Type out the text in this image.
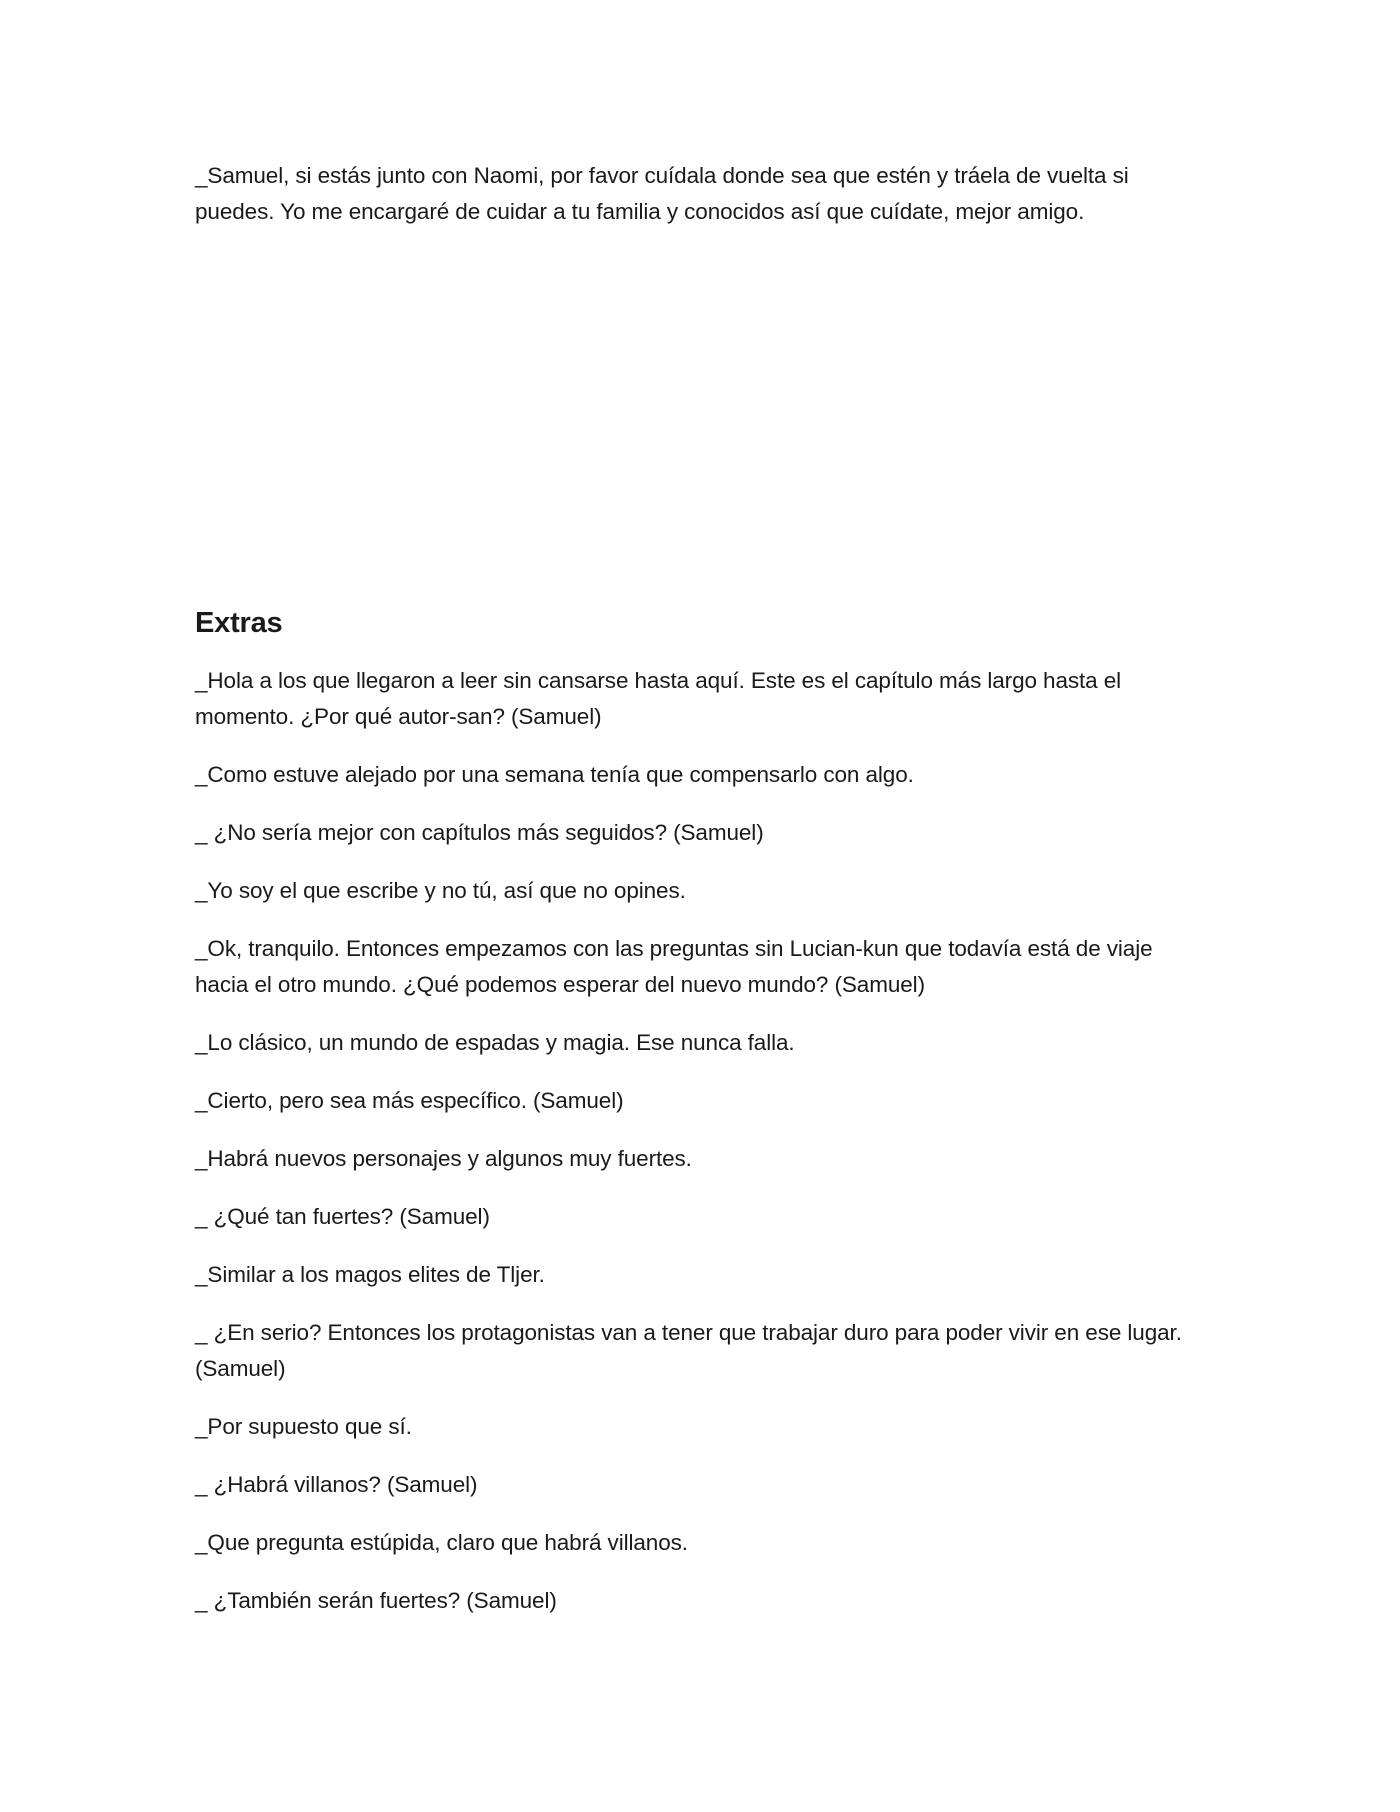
_Samuel, si estás junto con Naomi, por favor cuídala donde sea que estén y tráela de vuelta si puedes. Yo me encargaré de cuidar a tu familia y conocidos así que cuídate, mejor amigo.

Extras

_Hola a los que llegaron a leer sin cansarse hasta aquí. Este es el capítulo más largo hasta el momento. ¿Por qué autor-san? (Samuel)

_Como estuve alejado por una semana tenía que compensarlo con algo.

_ ¿No sería mejor con capítulos más seguidos? (Samuel)

_Yo soy el que escribe y no tú, así que no opines.

_Ok, tranquilo. Entonces empezamos con las preguntas sin Lucian-kun que todavía está de viaje hacia el otro mundo. ¿Qué podemos esperar del nuevo mundo? (Samuel)

_Lo clásico, un mundo de espadas y magia. Ese nunca falla.

_Cierto, pero sea más específico. (Samuel)

_Habrá nuevos personajes y algunos muy fuertes.

_ ¿Qué tan fuertes? (Samuel)

_Similar a los magos elites de Tljer.

_ ¿En serio? Entonces los protagonistas van a tener que trabajar duro para poder vivir en ese lugar. (Samuel)

_Por supuesto que sí.

_ ¿Habrá villanos? (Samuel)

_Que pregunta estúpida, claro que habrá villanos.

_ ¿También serán fuertes? (Samuel)
